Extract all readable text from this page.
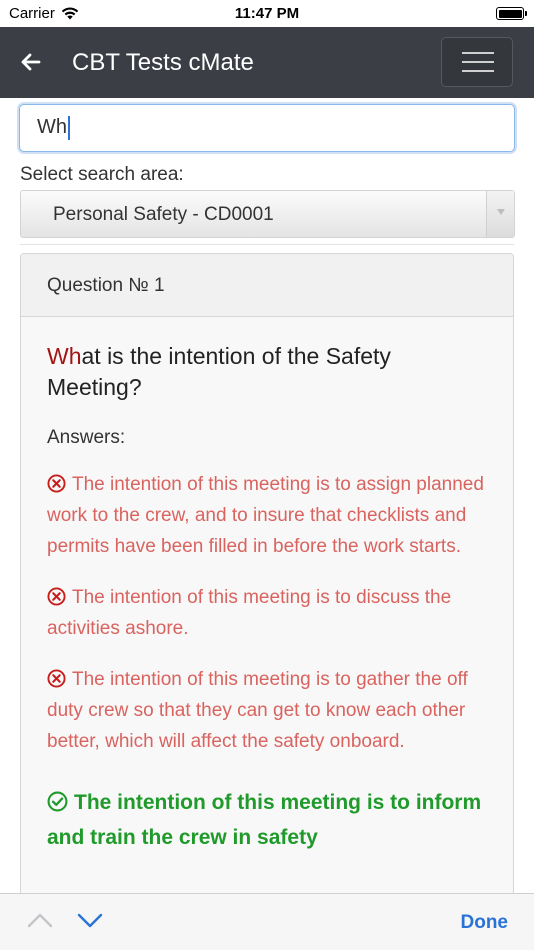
Carrier	11:47 PM
CBT Tests cMate
Wh
Select search area:
Personal Safety - CD0001
Question № 1
What is the intention of the Safety Meeting?
Answers:
The intention of this meeting is to assign planned work to the crew, and to insure that checklists and permits have been filled in before the work starts.
The intention of this meeting is to discuss the activities ashore.
The intention of this meeting is to gather the off duty crew so that they can get to know each other better, which will affect the safety onboard.
The intention of this meeting is to inform and train the crew in safety
Done
